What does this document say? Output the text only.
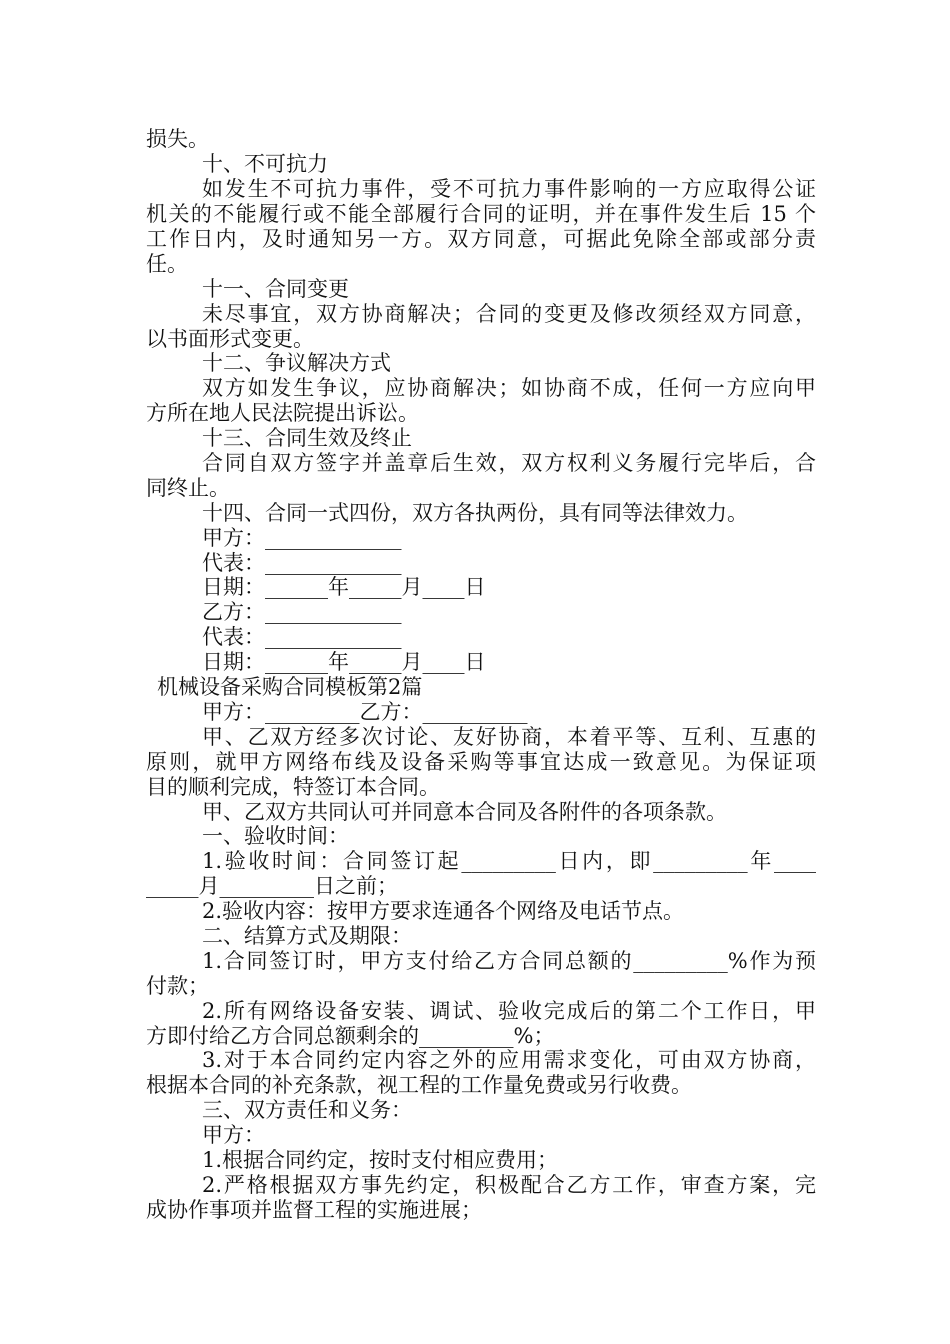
损失。
十、不可抗力
如发生不可抗力事件，受不可抗力事件影响的一方应取得公证
机关的不能履行或不能全部履行合同的证明，并在事件发生后 15 个
工作日内，及时通知另一方。双方同意，可据此免除全部或部分责
任。
十一、合同变更
未尽事宜，双方协商解决；合同的变更及修改须经双方同意，
以书面形式变更。
十二、争议解决方式
双方如发生争议，应协商解决；如协商不成，任何一方应向甲
方所在地人民法院提出诉讼。
十三、合同生效及终止
合同自双方签字并盖章后生效，双方权利义务履行完毕后，合
同终止。
十四、合同一式四份，双方各执两份，具有同等法律效力。
甲方：_____________
代表：_____________
日期：______年_____月____日
乙方：_____________
代表：_____________
日期：______年_____月____日
机械设备采购合同模板第2篇
甲方：_________乙方：__________
甲、乙双方经多次讨论、友好协商，本着平等、互利、互惠的
原则，就甲方网络布线及设备采购等事宜达成一致意见。为保证项
目的顺利完成，特签订本合同。
甲、乙双方共同认可并同意本合同及各附件的各项条款。
一、验收时间：
1.验收时间：合同签订起_________日内，即_________年____
_____月_________日之前；
2.验收内容：按甲方要求连通各个网络及电话节点。
二、结算方式及期限：
1.合同签订时，甲方支付给乙方合同总额的_________%作为预
付款；
2.所有网络设备安装、调试、验收完成后的第二个工作日，甲
方即付给乙方合同总额剩余的_________%；
3.对于本合同约定内容之外的应用需求变化，可由双方协商，
根据本合同的补充条款，视工程的工作量免费或另行收费。
三、双方责任和义务：
甲方：
1.根据合同约定，按时支付相应费用；
2.严格根据双方事先约定，积极配合乙方工作，审查方案，完
成协作事项并监督工程的实施进展；
